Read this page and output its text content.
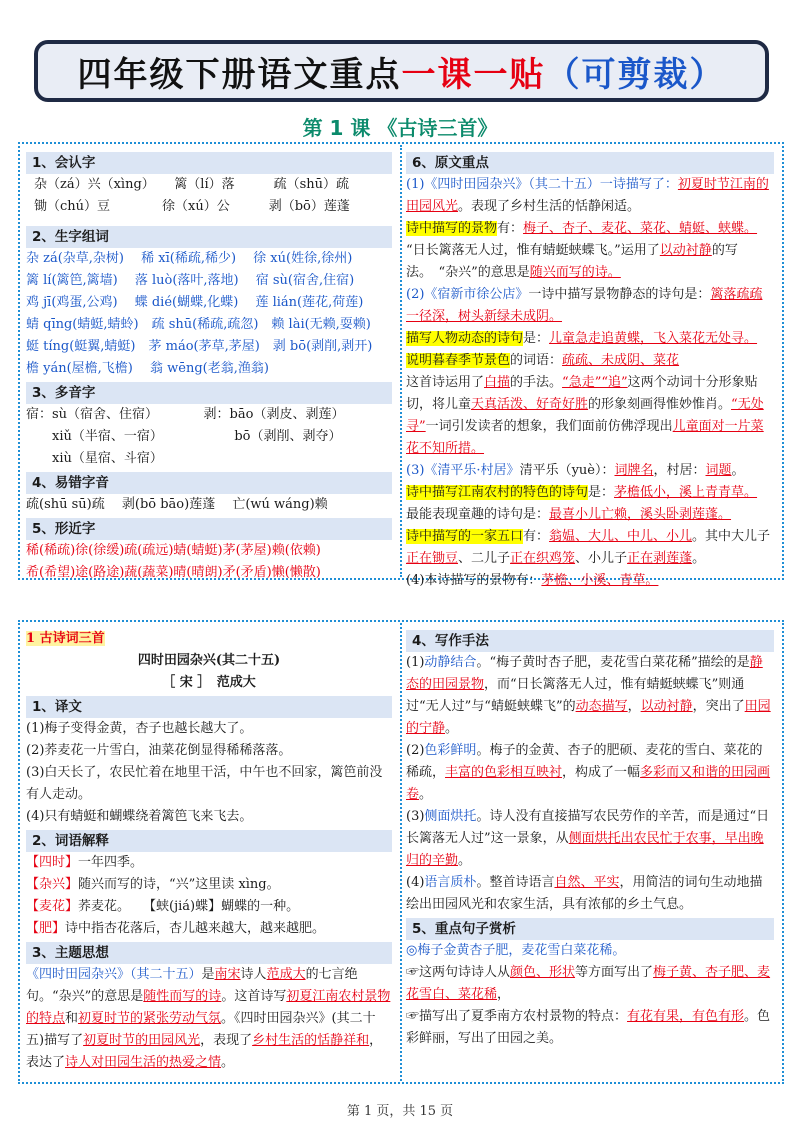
四年级下册语文重点 一课一贴 （可剪裁）
第 1 课 《古诗三首》
1、会认字
杂（zá）兴（xìng）　　篱（lí）落　　　疏（shū）疏
锄（chú）豆　　　　徐（xú）公　　　剥（bō）莲蓬
2、生字组词
杂 zá(杂草,杂树)　 稀 xī(稀疏,稀少)　 徐 xú(姓徐,徐州)
篱 lí(篱笆,篱墙)　 落 luò(落叶,落地)　 宿 sù(宿舍,住宿)
鸡 jī(鸡蛋,公鸡)　 蝶 dié(蝴蝶,化蝶)　 莲 lián(莲花,荷莲)
蜻 qīng(蜻蜓,蜻蛉)　疏 shū(稀疏,疏忽)　赖 lài(无赖,耍赖)
蜓 tíng(蜓翼,蜻蜓)　茅 máo(茅草,茅屋)　剥 bō(剥削,剥开)
檐 yán(屋檐,飞檐)　 翁 wēng(老翁,渔翁)
3、多音字
宿：sù（宿舍、住宿）　　　　剥：bāo（剥皮、剥莲）
　　xiǔ（半宿、一宿）　　　　　　bō（剥削、剥夺）
　　xiù（星宿、斗宿）
4、易错字音
疏(shū sū)疏　 剥(bō bāo)莲蓬　 亡(wú wáng)赖
5、形近字
稀(稀疏)徐(徐缓)疏(疏远)蜻(蜻蜓)茅(茅屋)赖(依赖)
希(希望)途(路途)蔬(蔬菜)晴(晴朗)矛(矛盾)懒(懒散)
6、原文重点
(1)《四时田园杂兴》（其二十五）一诗描写了：初夏时节江南的田园风光。表现了乡村生活的恬静闲适。
诗中描写的景物有：梅子、杏子、麦花、菜花、蜻蜓、蛱蝶。
“日长篱落无人过，惟有蜻蜓蛱蝶飞。”运用了以动衬静的写法。　“杂兴”的意思是随兴而写的诗。
(2)《宿新市徐公店》一诗中描写景物静态的诗句是：篱落疏疏一径深，树头新绿未成阴。
描写人物动态的诗句是：儿童急走追黄蝶，飞入菜花无处寻。
说明暮春季节景色的词语：疏疏、未成阴、菜花
这首诗运用了白描的手法。“急走”“追”这两个动词十分形象贴切，将儿童天真活泼、好奇好胜的形象刻画得惟妙惟肖。“无处寻”一词引发读者的想象，我们面前仿佛浮现出儿童面对一片菜花不知所措。
(3)《清平乐·村居》清平乐（yuè）：词牌名，村居：词题。
诗中描写江南农村的特色的诗句是：茅檐低小，溪上青青草。
最能表现童趣的诗句是：最喜小儿亡赖，溪头卧剥莲蓬。
诗中描写的一家五口有：翁媪、大儿、中儿、小儿。其中大儿子正在锄豆、二儿子正在织鸡笼、小儿子正在剥莲蓬。
(4)本诗描写的景物有：茅檐、小溪、青草。
1 古诗词三首
四时田园杂兴(其二十五)
［ 宋 ］　范成大
1、译文
(1)梅子变得金黄，杏子也越长越大了。
(2)荞麦花一片雪白，油菜花倒显得稀稀落落。
(3)白天长了，农民忙着在地里干活，中午也不回家，篱笆前没有人走动。
(4)只有蜻蜓和蝴蝶绕着篱笆飞来飞去。
2、词语解释
【四时】一年四季。
【杂兴】随兴而写的诗，“兴”这里读 xìng。
【麦花】荞麦花。　　【蛱(jiá)蝶】蝴蝶的一种。
【肥】诗中指杏花落后，杏儿越来越大，越来越肥。
3、主题思想
《四时田园杂兴》（其二十五）是南宋诗人范成大的七言绝句。“杂兴”的意思是随性而写的诗。这首诗写初夏江南农村景物的特点和初夏时节的紧张劳动气氛。《四时田园杂兴》(其二十五)描写了初夏时节的田园风光，表现了乡村生活的恬静祥和，表达了诗人对田园生活的热爱之情。
4、写作手法
(1)动静结合。“梅子黄时杏子肥，麦花雪白菜花稀”描绘的是静态的田园景物，而“日长篱落无人过，惟有蜻蜓蛱蝶飞”则通过“无人过”与“蜻蜓蛱蝶飞”的动态描写，以动衬静，突出了田园的宁静。
(2)色彩鲜明。梅子的金黄、杏子的肥硕、麦花的雪白、菜花的稀疏，丰富的色彩相互映衬，构成了一幅多彩而又和谐的田园画卷。
(3)侧面烘托。诗人没有直接描写农民劳作的辛苦，而是通过“日长篱落无人过”这一景象，从侧面烘托出农民忙于农事，早出晚归的辛勤。
(4)语言质朴。整首诗语言自然、平实，用简洁的词句生动地描绘出田园风光和农家生活，具有浓郁的乡土气息。
5、重点句子赏析
◎梅子金黄杏子肥，麦花雪白菜花稀。
☞这两句诗诗人从颜色、形状等方面写出了梅子黄、杏子肥、麦花雪白、菜花稀，
☞描写出了夏季南方农村景物的特点：有花有果，有色有形。色彩鲜丽，写出了田园之美。
第 1 页，共 15 页
